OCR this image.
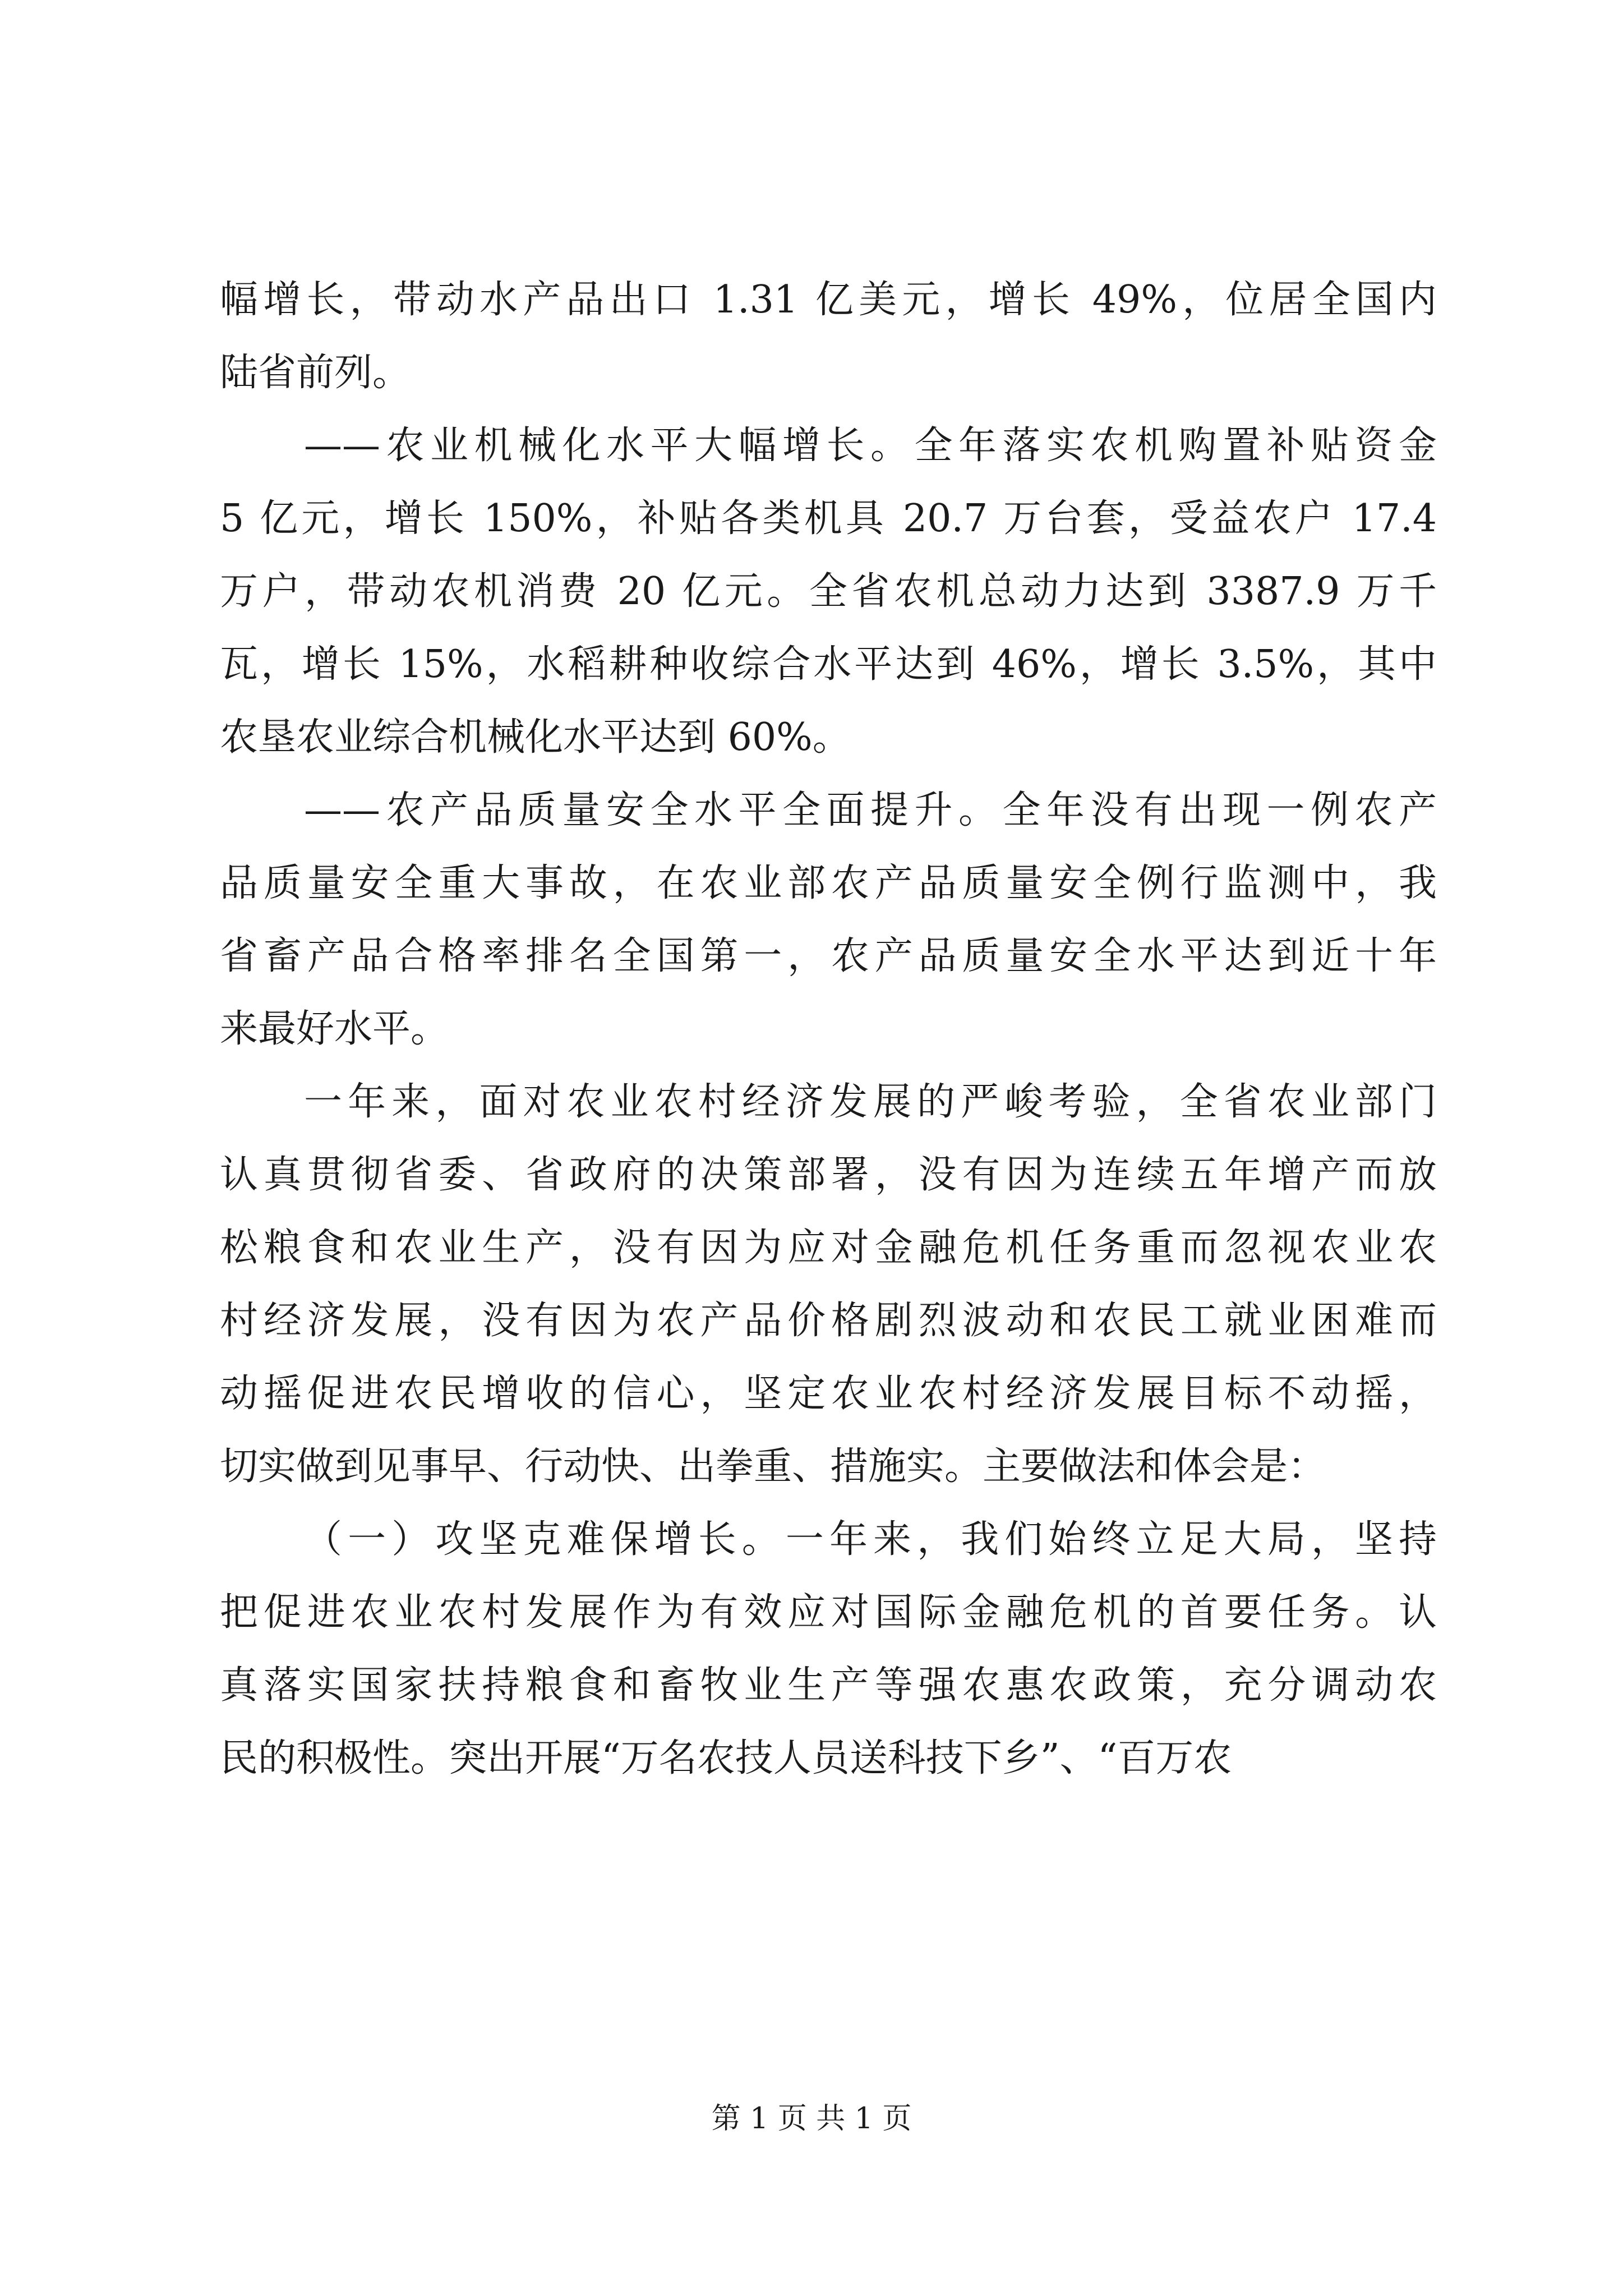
幅增长，带动水产品出口 1.31 亿美元，增长 49%，位居全国内
陆省前列。
——农业机械化水平大幅增长。全年落实农机购置补贴资金
5 亿元，增长 150%，补贴各类机具 20.7 万台套，受益农户 17.4
万户，带动农机消费 20 亿元。全省农机总动力达到 3387.9 万千
瓦，增长 15%，水稻耕种收综合水平达到 46%，增长 3.5%，其中
农垦农业综合机械化水平达到 60%。
——农产品质量安全水平全面提升。全年没有出现一例农产
品质量安全重大事故，在农业部农产品质量安全例行监测中，我
省畜产品合格率排名全国第一，农产品质量安全水平达到近十年
来最好水平。
一年来，面对农业农村经济发展的严峻考验，全省农业部门
认真贯彻省委、省政府的决策部署，没有因为连续五年增产而放
松粮食和农业生产，没有因为应对金融危机任务重而忽视农业农
村经济发展，没有因为农产品价格剧烈波动和农民工就业困难而
动摇促进农民增收的信心，坚定农业农村经济发展目标不动摇，
切实做到见事早、行动快、出拳重、措施实。主要做法和体会是：
（一）攻坚克难保增长。一年来，我们始终立足大局，坚持
把促进农业农村发展作为有效应对国际金融危机的首要任务。认
真落实国家扶持粮食和畜牧业生产等强农惠农政策，充分调动农
民的积极性。突出开展“万名农技人员送科技下乡”、“百万农
第 1 页 共 1 页
